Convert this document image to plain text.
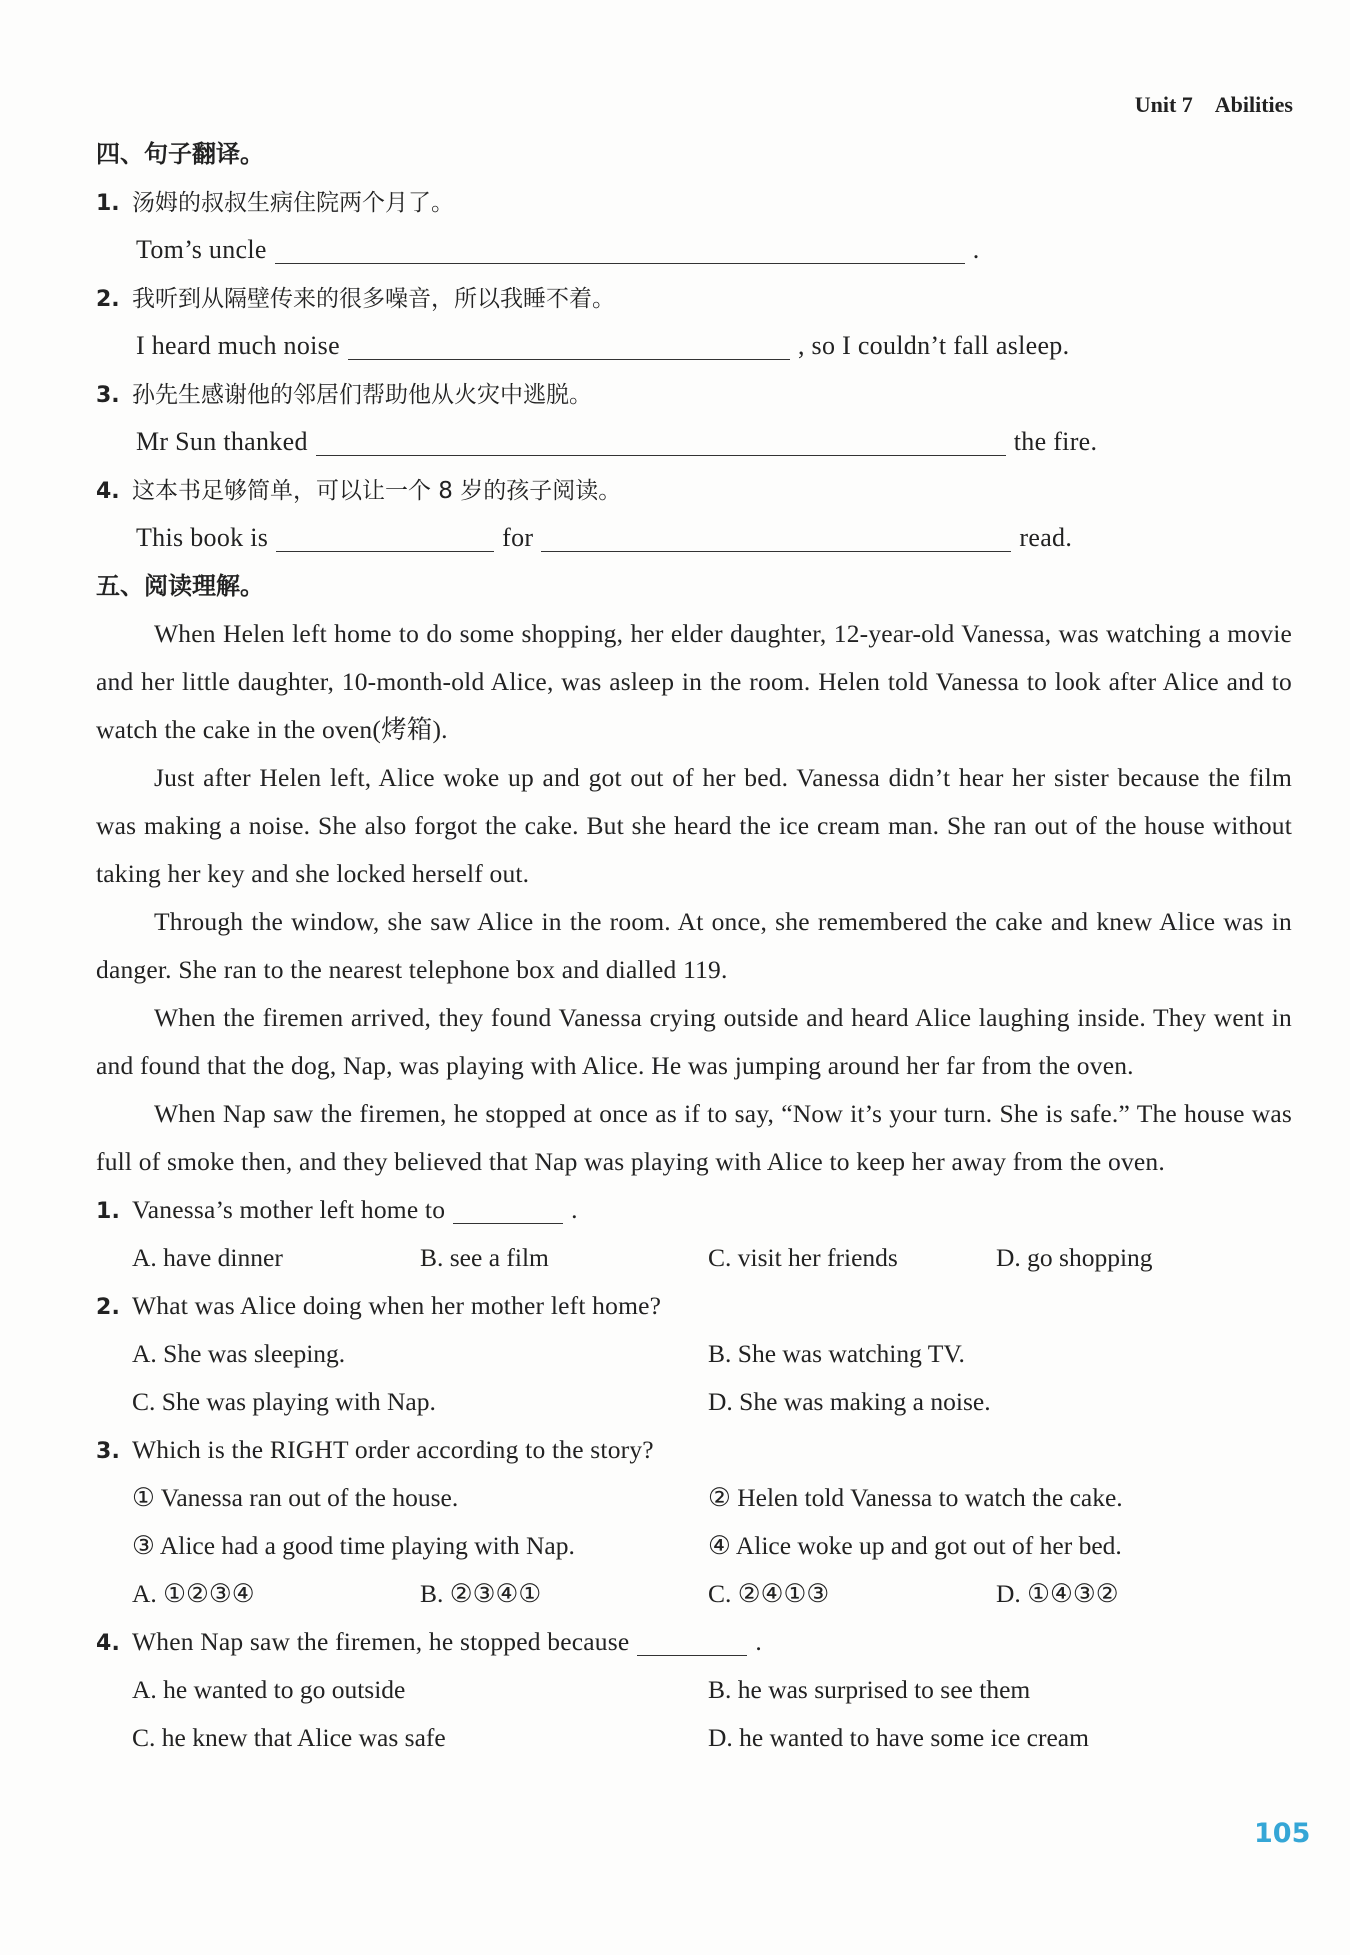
Unit 7 Abilities
四、句子翻译。
1. 汤姆的叔叔生病住院两个月了。
Tom’s uncle	.
2. 我听到从隔壁传来的很多噪音，所以我睡不着。
I heard much noise	, so I couldn’t fall asleep.
3. 孙先生感谢他的邻居们帮助他从火灾中逃脱。
Mr Sun thanked	the fire.
4. 这本书足够简单，可以让一个 8 岁的孩子阅读。
This book is	for	read.
五、阅读理解。

When Helen left home to do some shopping, her elder daughter, 12-year-old Vanessa, was watching a movie and her little daughter, 10-month-old Alice, was asleep in the room. Helen told Vanessa to look after Alice and to watch the cake in the oven(烤箱).

Just after Helen left, Alice woke up and got out of her bed. Vanessa didn’t hear her sister because the film was making a noise. She also forgot the cake. But she heard the ice cream man. She ran out of the house without taking her key and she locked herself out.

Through the window, she saw Alice in the room. At once, she remembered the cake and knew Alice was in danger. She ran to the nearest telephone box and dialled 119.

When the firemen arrived, they found Vanessa crying outside and heard Alice laughing inside. They went in and found that the dog, Nap, was playing with Alice. He was jumping around her far from the oven.

When Nap saw the firemen, he stopped at once as if to say, “Now it’s your turn. She is safe.” The house was full of smoke then, and they believed that Nap was playing with Alice to keep her away from the oven.

1. Vanessa’s mother left home to	.
A. have dinner	B. see a film	C. visit her friends	D. go shopping
2. What was Alice doing when her mother left home?
A. She was sleeping.	B. She was watching TV.
C. She was playing with Nap.	D. She was making a noise.
3. Which is the RIGHT order according to the story?
① Vanessa ran out of the house.	② Helen told Vanessa to watch the cake.
③ Alice had a good time playing with Nap.	④ Alice woke up and got out of her bed.
A. ①②③④	B. ②③④①	C. ②④①③	D. ①④③②
4. When Nap saw the firemen, he stopped because	.
A. he wanted to go outside	B. he was surprised to see them
C. he knew that Alice was safe	D. he wanted to have some ice cream
105
